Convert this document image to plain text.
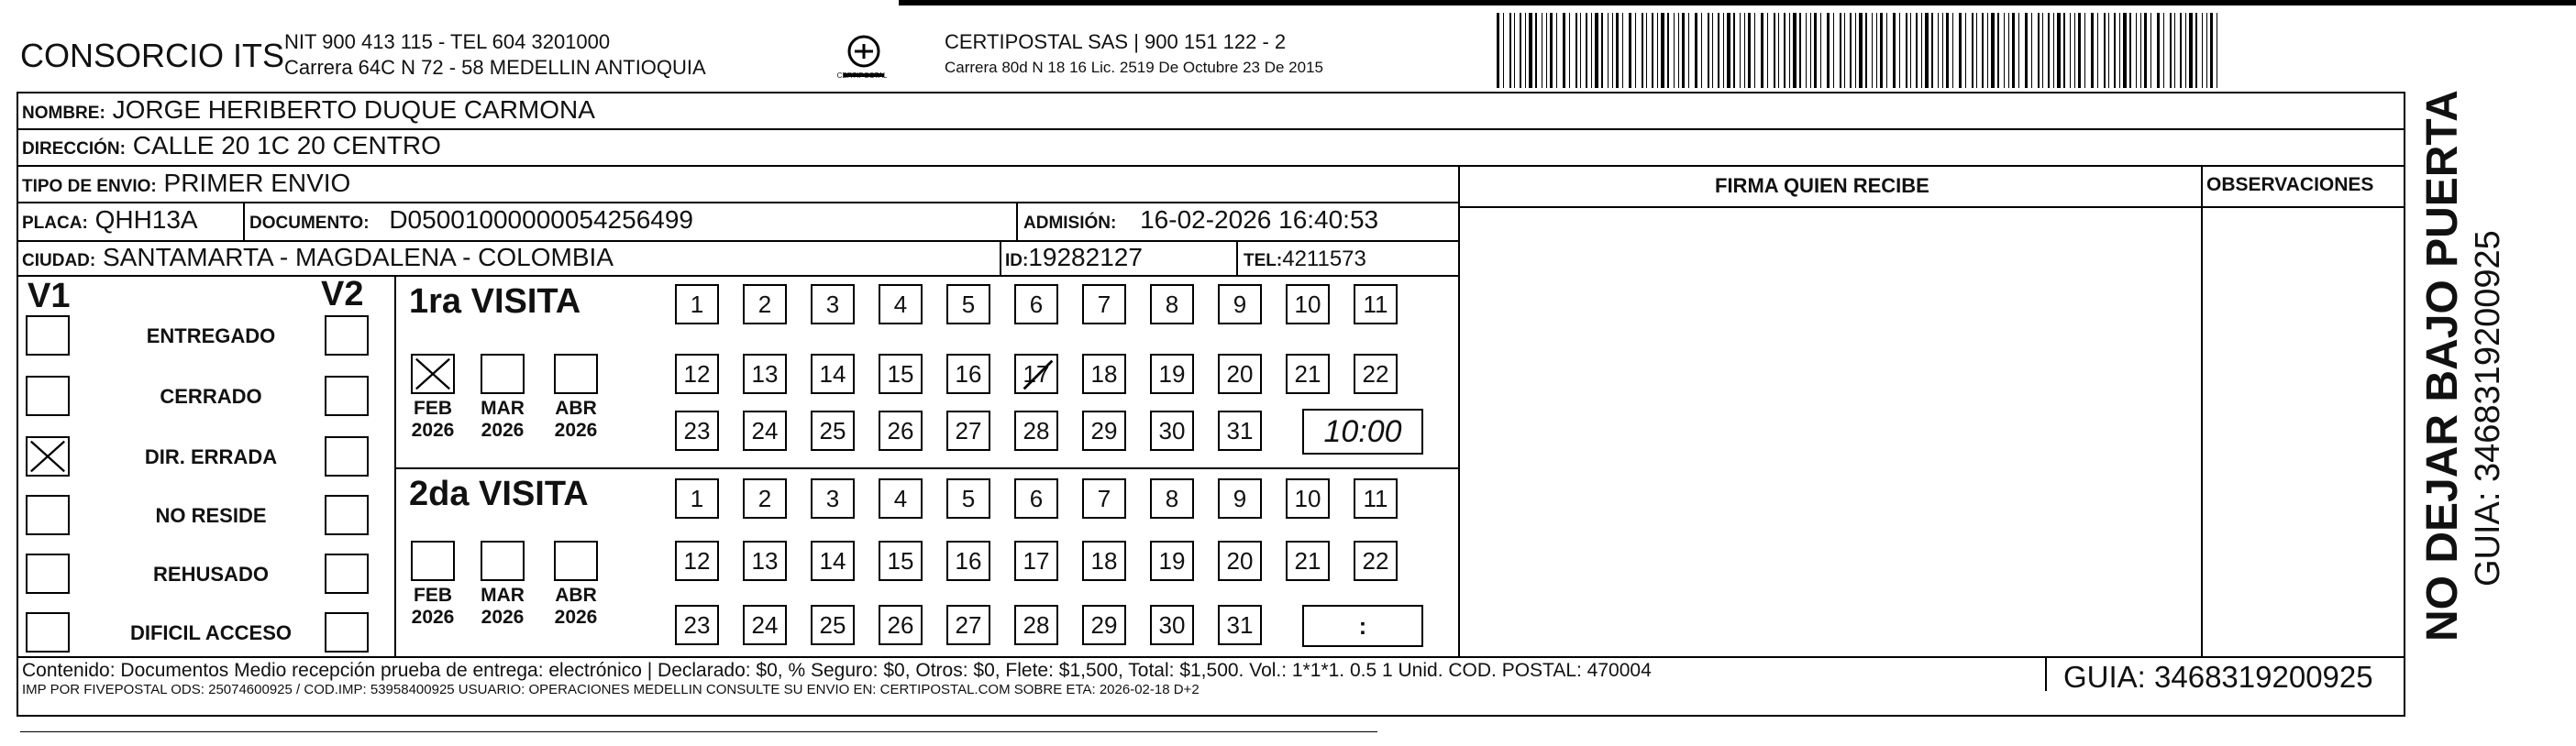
CONSORCIO ITS NIT 900 413 115 - TEL 604 3201000
Carrera 64C N 72 - 58 MEDELLIN ANTIOQUIA	CERTIPOSTAL
CERTIPOSTAL SAS | 900 151 122 - 2
Carrera 80d N 18 16 Lic. 2519 De Octubre 23 De 2015
NOMBRE: JORGE HERIBERTO DUQUE CARMONA
DIRECCIÓN: CALLE 20 1C 20 CENTRO
TIPO DE ENVIO: PRIMER ENVIO
PLACA: QHH13A	DOCUMENTO: D05001000000054256499	ADMISIÓN: 16-02-2026 16:40:53
CIUDAD: SANTAMARTA - MAGDALENA - COLOMBIA	ID:19282127	TEL:4211573
FIRMA QUIEN RECIBE	OBSERVACIONES
V1	V2
ENTREGADO
CERRADO
DIR. ERRADA
NO RESIDE
REHUSADO
DIFICIL ACCESO
1ra VISITA
FEB
2026
MAR
2026
ABR
2026
1	2	3	4	5	6	7	8	9	10	11
12	13	14	15	16	17	18	19	20	21	22
23	24	25	26	27	28	29	30	31	10:00
2da VISITA
FEB
2026
MAR
2026
ABR
2026
1	2	3	4	5	6	7	8	9	10	11
12	13	14	15	16	17	18	19	20	21	22
23	24	25	26	27	28	29	30	31	:
Contenido: Documentos Medio recepción prueba de entrega: electrónico | Declarado: $0, % Seguro: $0, Otros: $0, Flete: $1,500, Total: $1,500. Vol.: 1*1*1. 0.5 1 Unid. COD. POSTAL: 470004
IMP POR FIVEPOSTAL ODS: 25074600925 / COD.IMP: 53958400925 USUARIO: OPERACIONES MEDELLIN CONSULTE SU ENVIO EN: CERTIPOSTAL.COM SOBRE ETA: 2026-02-18 D+2	GUIA: 3468319200925
NO DEJAR BAJO PUERTA GUIA: 3468319200925
